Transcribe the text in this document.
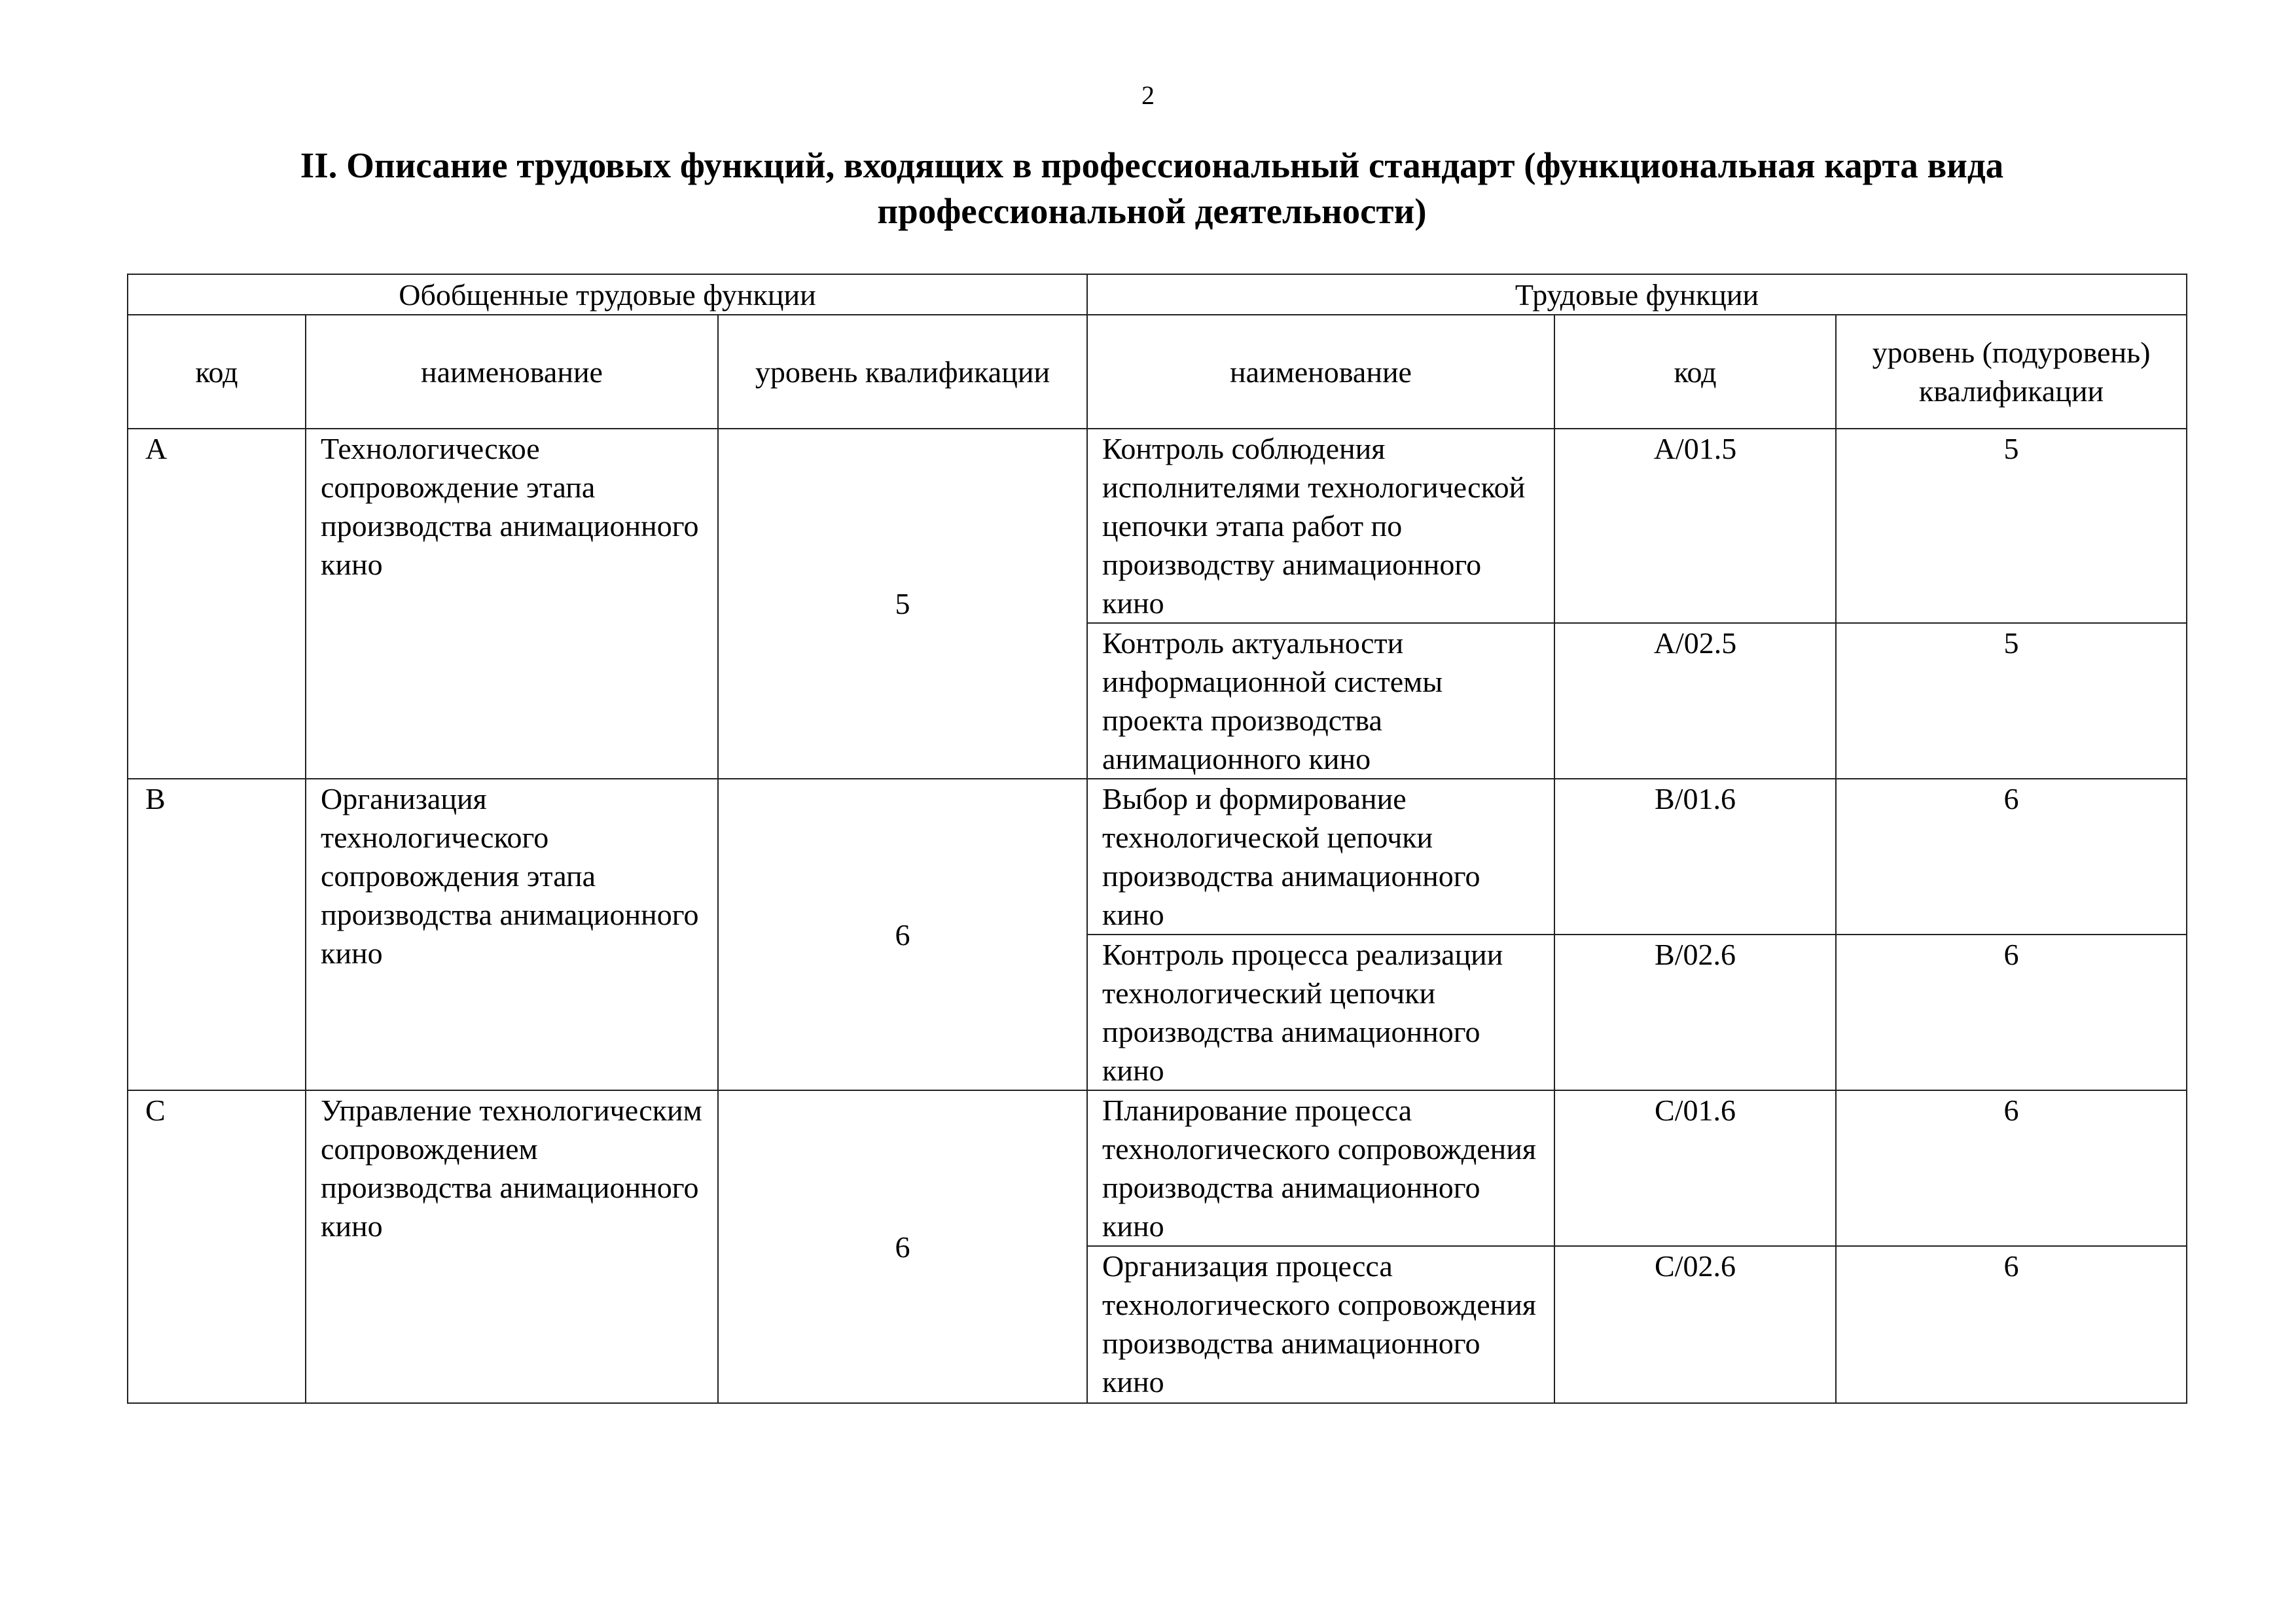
2
II. Описание трудовых функций, входящих в профессиональный стандарт (функциональная карта вида профессиональной деятельности)
Обобщенные трудовые функции			Трудовые функции		
код	наименование	уровень квалификации	наименование	код	уровень (подуровень) квалификации
A	Технологическое сопровождение этапа производства анимационного кино	5	Контроль соблюдения исполнителями технологической цепочки этапа работ по производству анимационного кино	A/01.5	5
			Контроль актуальности информационной системы проекта производства анимационного кино	A/02.5	5
B	Организация технологического сопровождения этапа производства анимационного кино	6	Выбор и формирование технологической цепочки производства анимационного кино	B/01.6	6
			Контроль процесса реализации технологический цепочки производства анимационного кино	B/02.6	6
C	Управление технологическим сопровождением производства анимационного кино	6	Планирование процесса технологического сопровождения производства анимационного кино	C/01.6	6
			Организация процесса технологического сопровождения производства анимационного кино	C/02.6	6
